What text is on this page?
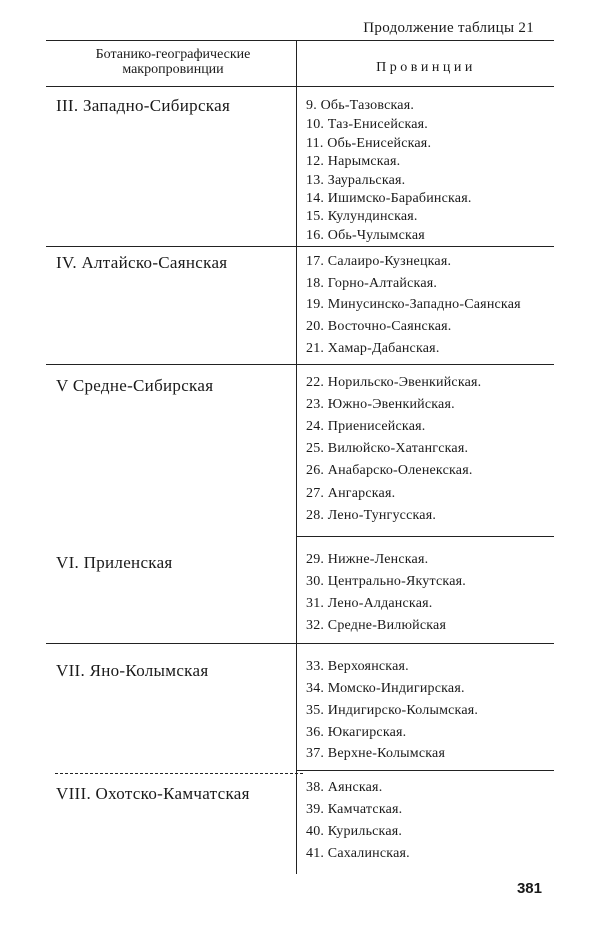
Продолжение таблицы 21
Ботанико-географические макропровинции	Провинции
III. Западно-Сибирская	9. Обь-Тазовская.
10. Таз-Енисейская.
11. Обь-Енисейская.
12. Нарымская.
13. Зауральская.
14. Ишимско-Барабинская.
15. Кулундинская.
16. Обь-Чулымская
IV. Алтайско-Саянская	17. Салаиро-Кузнецкая.
18. Горно-Алтайская.
19. Минусинско-Западно-Саянская
20. Восточно-Саянская.
21. Хамар-Дабанская.
V Средне-Сибирская	22. Норильско-Эвенкийская.
23. Южно-Эвенкийская.
24. Приенисейская.
25. Вилюйско-Хатангская.
26. Анабарско-Оленекская.
27. Ангарская.
28. Лено-Тунгусская.
VI. Приленская	29. Нижне-Ленская.
30. Центрально-Якутская.
31. Лено-Алданская.
32. Средне-Вилюйская
VII. Яно-Колымская	33. Верхоянская.
34. Момско-Индигирская.
35. Индигирско-Колымская.
36. Юкагирская.
37. Верхне-Колымская
VIII. Охотско-Камчатская	38. Аянская.
39. Камчатская.
40. Курильская.
41. Сахалинская.
381
